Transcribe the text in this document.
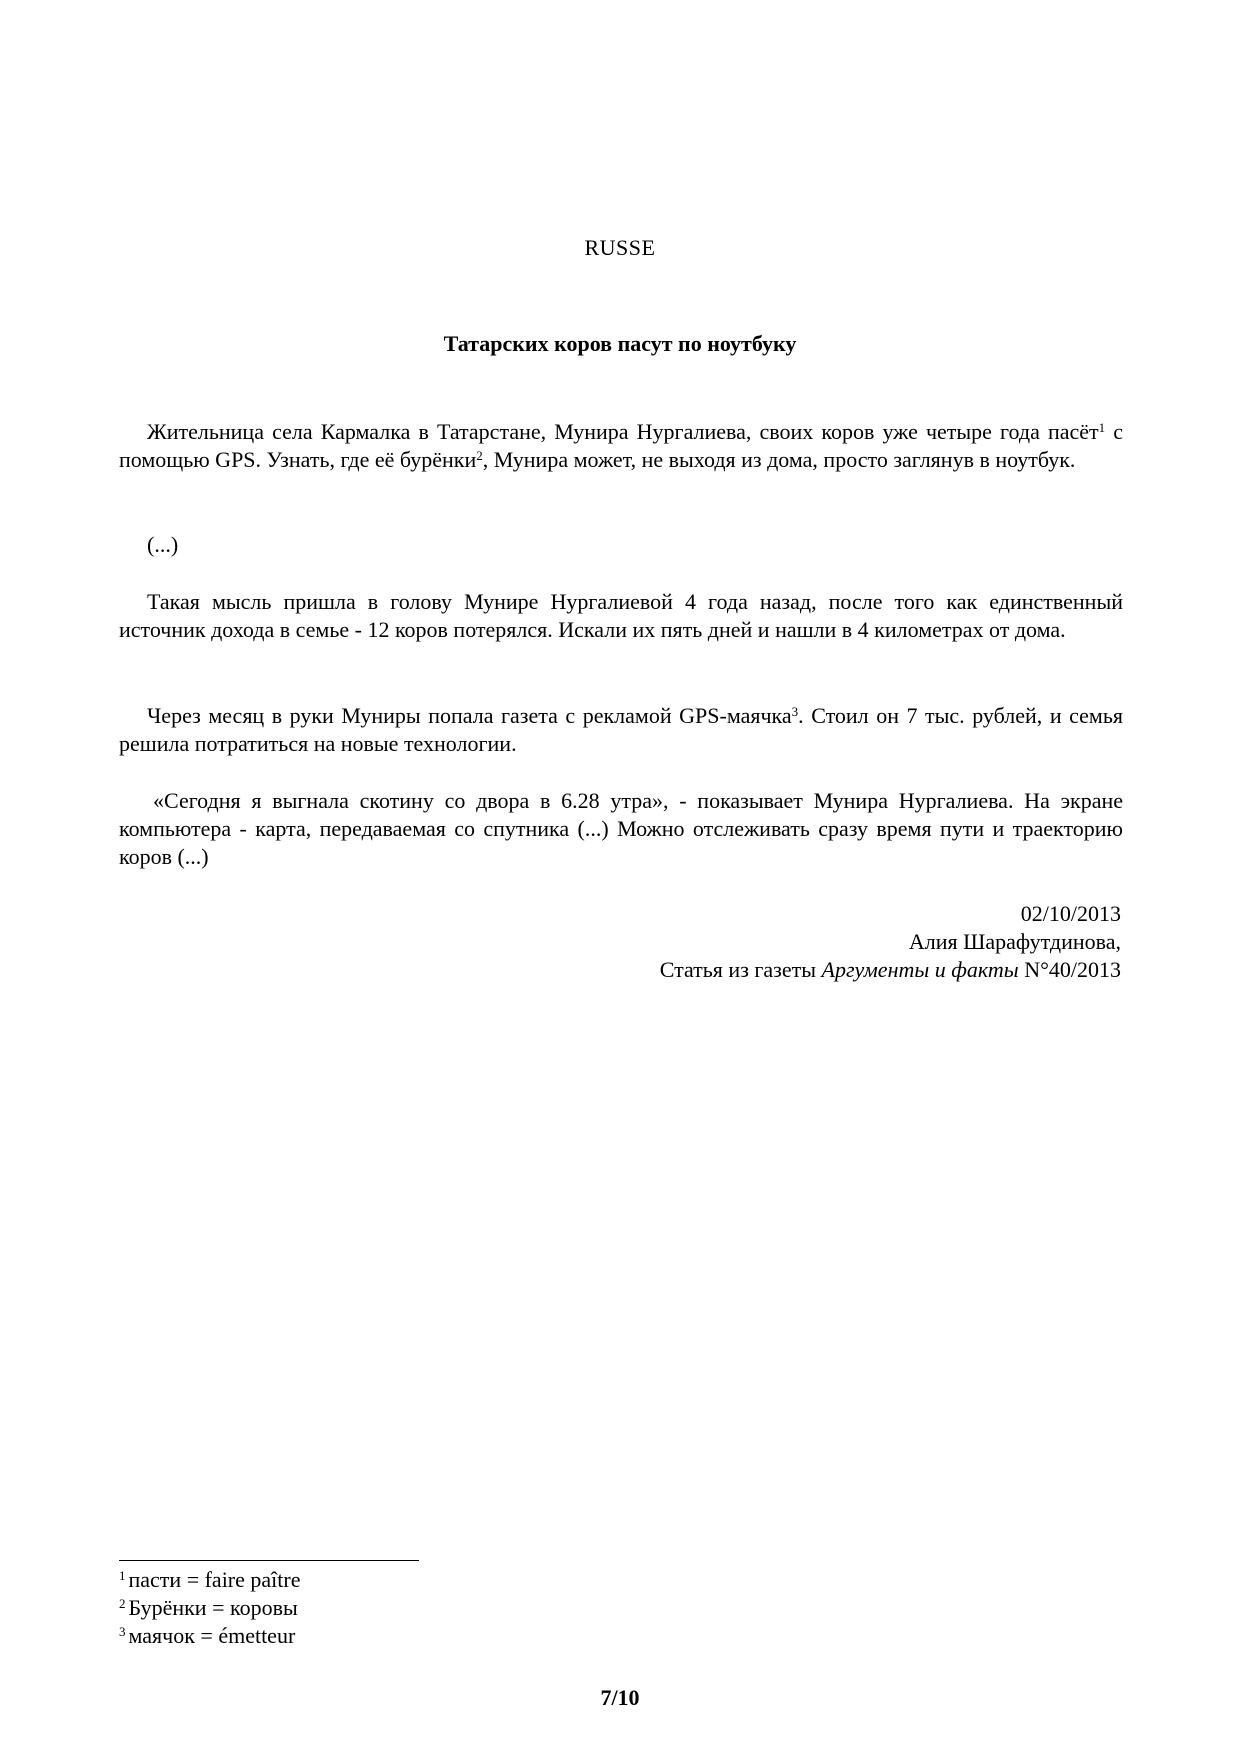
RUSSE
Татарских коров пасут по ноутбуку

Жительница села Кармалка в Татарстане, Мунира Нургалиева, своих коров уже четыре года пасёт$^1$ с помощью GPS. Узнать, где её бурёнки$^2$, Мунира может, не выходя из дома, просто заглянув в ноутбук.

(...)

Такая мысль пришла в голову Мунире Нургалиевой 4 года назад, после того как единственный источник дохода в семье - 12 коров потерялся. Искали их пять дней и нашли в 4 километрах от дома.

Через месяц в руки Муниры попала газета с рекламой GPS-маячка$^3$. Стоил он 7 тыс. рублей, и семья решила потратиться на новые технологии.

«Сегодня я выгнала скотину со двора в 6.28 утра», - показывает Мунира Нургалиева. На экране компьютера - карта, передаваемая со спутника (...) Можно отслеживать сразу время пути и траекторию коров (...)

02/10/2013
Алия Шарафутдинова,
Статья из газеты Аргументы и факты N°40/2013
$^1$ пасти = faire paître
$^2$ Бурёнки = коровы
$^3$ маячок = émetteur
7/10
